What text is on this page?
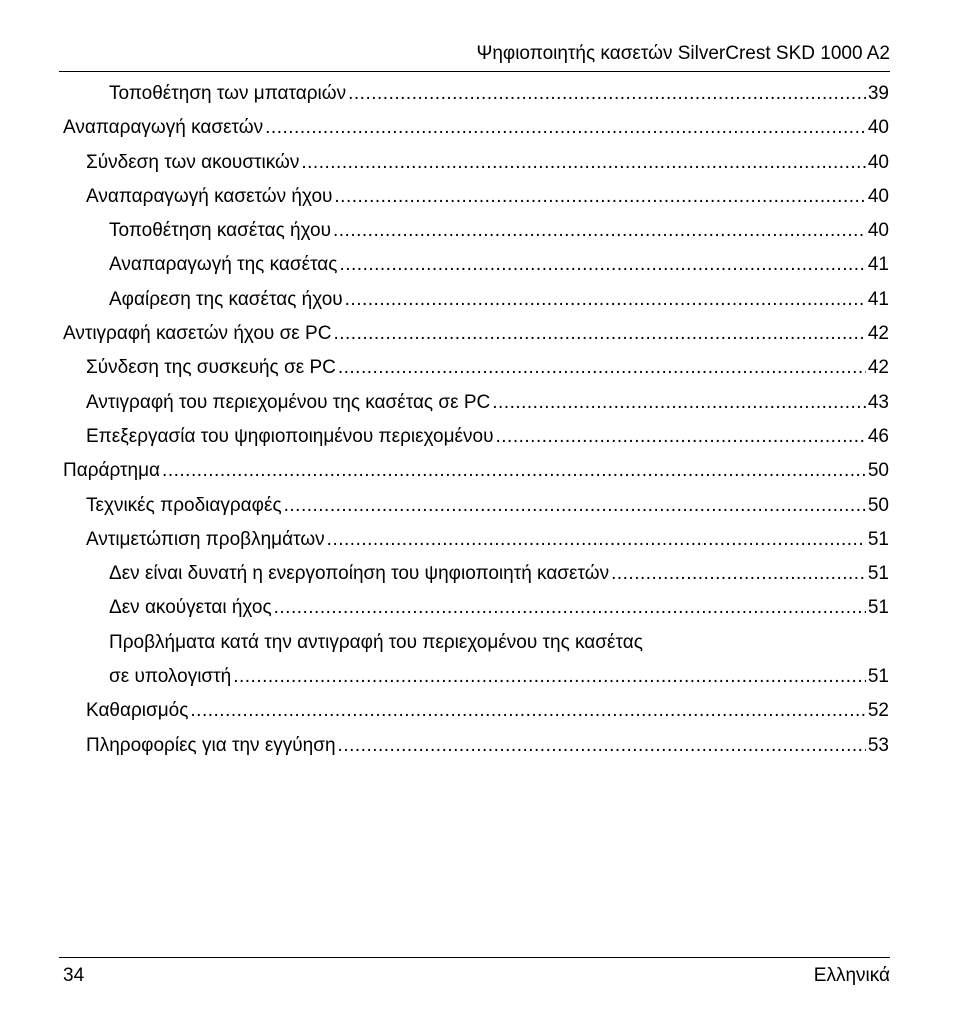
Ψηφιοποιητής κασετών SilverCrest SKD 1000 A2
Τοποθέτηση των μπαταριών .....	39
Αναπαραγωγή κασετών .....	40
Σύνδεση των ακουστικών .....	40
Αναπαραγωγή κασετών ήχου .....	40
Τοποθέτηση κασέτας ήχου .....	40
Αναπαραγωγή της κασέτας .....	41
Αφαίρεση της κασέτας ήχου .....	41
Αντιγραφή κασετών ήχου σε PC .....	42
Σύνδεση της συσκευής σε PC .....	42
Αντιγραφή του περιεχομένου της κασέτας σε PC .....	43
Επεξεργασία του ψηφιοποιημένου περιεχομένου .....	46
Παράρτημα .....	50
Τεχνικές προδιαγραφές .....	50
Αντιμετώπιση προβλημάτων .....	51
Δεν είναι δυνατή η ενεργοποίηση του ψηφιοποιητή κασετών .....	51
Δεν ακούγεται ήχος .....	51
Προβλήματα κατά την αντιγραφή του περιεχομένου της κασέτας
σε υπολογιστή .....	51
Καθαρισμός .....	52
Πληροφορίες για την εγγύηση .....	53
34	Ελληνικά
